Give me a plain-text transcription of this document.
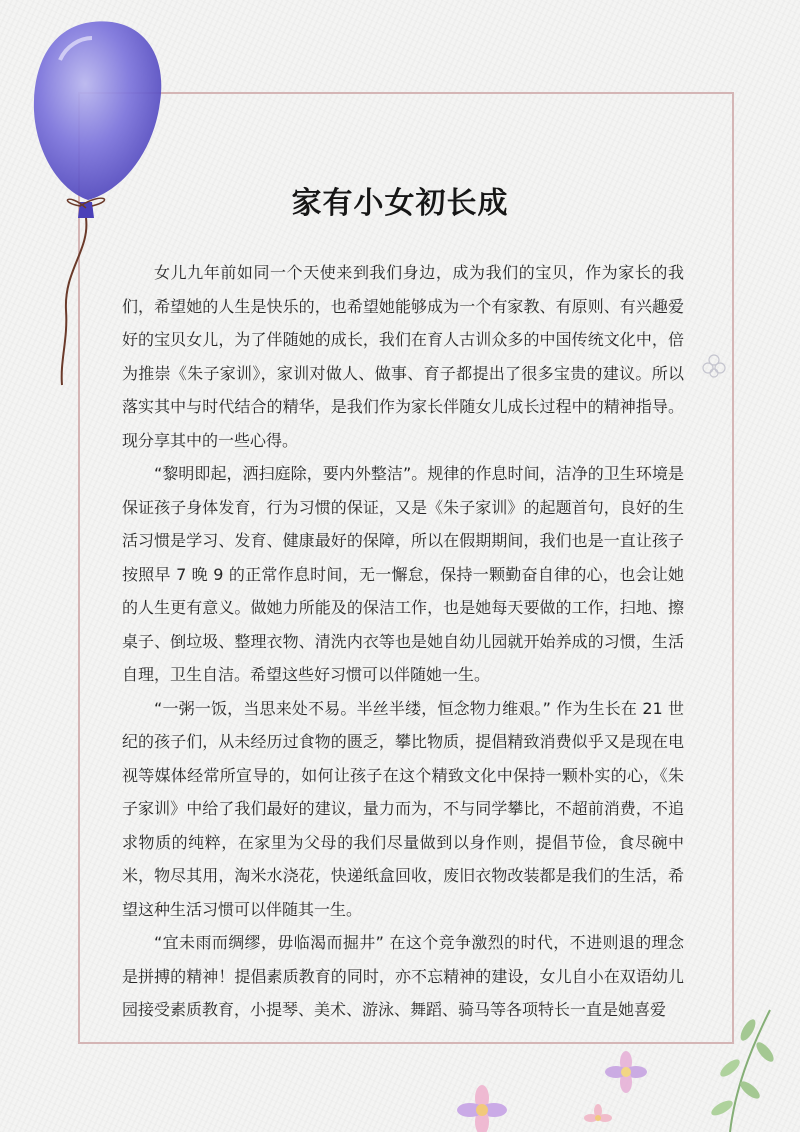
家有小女初长成

女儿九年前如同一个天使来到我们身边，成为我们的宝贝，作为家长的我们，希望她的人生是快乐的，也希望她能够成为一个有家教、有原则、有兴趣爱好的宝贝女儿，为了伴随她的成长，我们在育人古训众多的中国传统文化中，倍为推崇《朱子家训》，家训对做人、做事、育子都提出了很多宝贵的建议。所以落实其中与时代结合的精华，是我们作为家长伴随女儿成长过程中的精神指导。现分享其中的一些心得。

“黎明即起，洒扫庭除，要内外整洁”。规律的作息时间，洁净的卫生环境是保证孩子身体发育，行为习惯的保证，又是《朱子家训》的起题首句，良好的生活习惯是学习、发育、健康最好的保障，所以在假期期间，我们也是一直让孩子按照早 7 晚 9 的正常作息时间，无一懈怠，保持一颗勤奋自律的心，也会让她的人生更有意义。做她力所能及的保洁工作，也是她每天要做的工作，扫地、擦桌子、倒垃圾、整理衣物、清洗内衣等也是她自幼儿园就开始养成的习惯，生活自理，卫生自洁。希望这些好习惯可以伴随她一生。

“一粥一饭，当思来处不易。半丝半缕，恒念物力维艰。” 作为生长在 21 世纪的孩子们，从未经历过食物的匮乏，攀比物质，提倡精致消费似乎又是现在电视等媒体经常所宣导的，如何让孩子在这个精致文化中保持一颗朴实的心，《朱子家训》中给了我们最好的建议，量力而为，不与同学攀比，不超前消费，不追求物质的纯粹，在家里为父母的我们尽量做到以身作则，提倡节俭，食尽碗中米，物尽其用，淘米水浇花，快递纸盒回收，废旧衣物改装都是我们的生活，希望这种生活习惯可以伴随其一生。

“宜未雨而绸缪，毋临渴而掘井” 在这个竞争激烈的时代，不进则退的理念是拼搏的精神！提倡素质教育的同时，亦不忘精神的建设，女儿自小在双语幼儿园接受素质教育，小提琴、美术、游泳、舞蹈、骑马等各项特长一直是她喜爱
